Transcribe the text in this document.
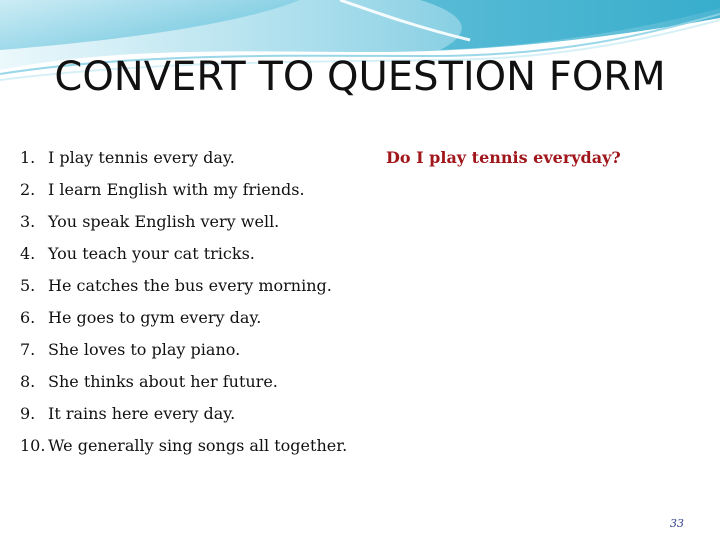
CONVERT TO QUESTION FORM
1. I play tennis every day.	Do I play tennis everyday?
2. I learn English with my friends.
3. You speak English very well.
4. You teach your cat tricks.
5. He catches the bus every morning.
6. He goes to gym every day.
7. She loves to play piano.
8. She thinks about her future.
9. It rains here every day.
10. We generally sing songs all together.
33
